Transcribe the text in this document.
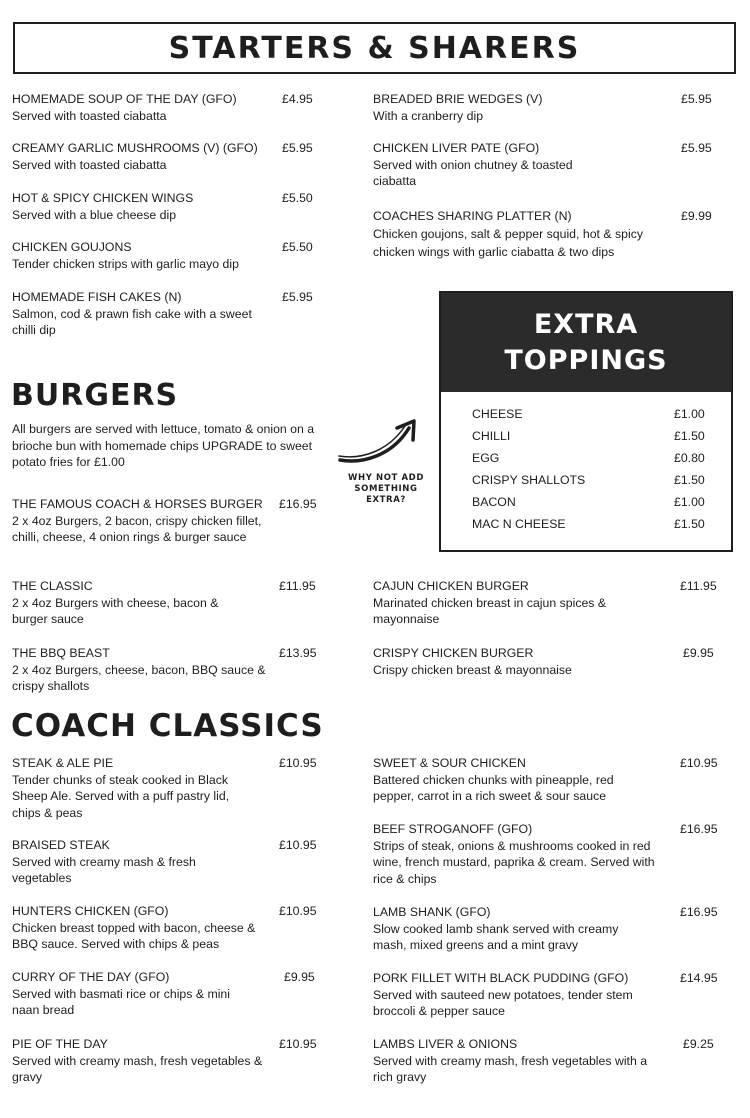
STARTERS & SHARERS
HOMEMADE SOUP OF THE DAY (GFO)
Served with toasted ciabatta
£4.95
CREAMY GARLIC MUSHROOMS (V) (GFO)
Served with toasted ciabatta
£5.95
HOT & SPICY CHICKEN WINGS
Served with a blue cheese dip
£5.50
CHICKEN GOUJONS
Tender chicken strips with garlic mayo dip
£5.50
HOMEMADE FISH CAKES (N)
Salmon, cod & prawn fish cake with a sweet chilli dip
£5.95
BREADED BRIE WEDGES (V)
With a cranberry dip
£5.95
CHICKEN LIVER PATE (GFO)
Served with onion chutney & toasted ciabatta
£5.95
COACHES SHARING PLATTER (N)
Chicken goujons, salt & pepper squid, hot & spicy chicken wings with garlic ciabatta & two dips
£9.99
EXTRA
TOPPINGS
CHEESE	£1.00
CHILLI	£1.50
EGG	£0.80
CRISPY SHALLOTS	£1.50
BACON	£1.00
MAC N CHEESE	£1.50
BURGERS
All burgers are served with lettuce, tomato & onion on a brioche bun with homemade chips UPGRADE to sweet potato fries for £1.00
WHY NOT ADD SOMETHING EXTRA?
THE FAMOUS COACH & HORSES BURGER
2 x 4oz Burgers, 2 bacon, crispy chicken fillet, chilli, cheese, 4 onion rings & burger sauce
£16.95
THE CLASSIC
2 x 4oz Burgers with cheese, bacon & burger sauce
£11.95
THE BBQ BEAST
2 x 4oz Burgers, cheese, bacon, BBQ sauce & crispy shallots
£13.95
CAJUN CHICKEN BURGER
Marinated chicken breast in cajun spices & mayonnaise
£11.95
CRISPY CHICKEN BURGER
Crispy chicken breast & mayonnaise
£9.95
COACH CLASSICS
STEAK & ALE PIE
Tender chunks of steak cooked in Black Sheep Ale. Served with a puff pastry lid, chips & peas
£10.95
BRAISED STEAK
Served with creamy mash & fresh vegetables
£10.95
HUNTERS CHICKEN (GFO)
Chicken breast topped with bacon, cheese & BBQ sauce. Served with chips & peas
£10.95
CURRY OF THE DAY (GFO)
Served with basmati rice or chips & mini naan bread
£9.95
PIE OF THE DAY
Served with creamy mash, fresh vegetables & gravy
£10.95
SWEET & SOUR CHICKEN
Battered chicken chunks with pineapple, red pepper, carrot in a rich sweet & sour sauce
£10.95
BEEF STROGANOFF (GFO)
Strips of steak, onions & mushrooms cooked in red wine, french mustard, paprika & cream. Served with rice & chips
£16.95
LAMB SHANK (GFO)
Slow cooked lamb shank served with creamy mash, mixed greens and a mint gravy
£16.95
PORK FILLET WITH BLACK PUDDING (GFO)
Served with sauteed new potatoes, tender stem broccoli & pepper sauce
£14.95
LAMBS LIVER & ONIONS
Served with creamy mash, fresh vegetables with a rich gravy
£9.25
